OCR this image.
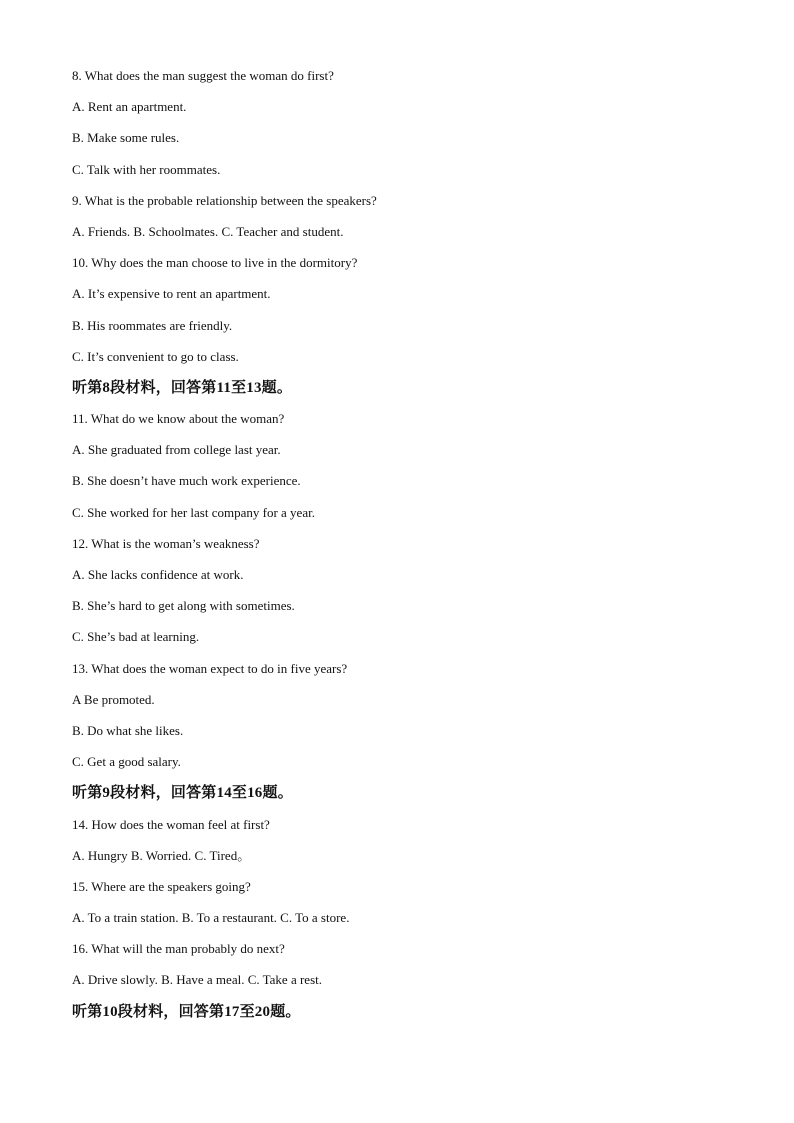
8. What does the man suggest the woman do first?
A. Rent an apartment.
B. Make some rules.
C. Talk with her roommates.
9. What is the probable relationship between the speakers?
A. Friends. B. Schoolmates. C. Teacher and student.
10. Why does the man choose to live in the dormitory?
A. It’s expensive to rent an apartment.
B. His roommates are friendly.
C. It’s convenient to go to class.
听第8段材料，回答第11至13题。
11. What do we know about the woman?
A. She graduated from college last year.
B. She doesn’t have much work experience.
C. She worked for her last company for a year.
12. What is the woman’s weakness?
A. She lacks confidence at work.
B. She’s hard to get along with sometimes.
C. She’s bad at learning.
13. What does the woman expect to do in five years?
A Be promoted.
B. Do what she likes.
C. Get a good salary.
听第9段材料，回答第14至16题。
14. How does the woman feel at first?
A. Hungry B. Worried. C. Tired。
15. Where are the speakers going?
A. To a train station. B. To a restaurant. C. To a store.
16. What will the man probably do next?
A. Drive slowly. B. Have a meal. C. Take a rest.
听第10段材料，回答第17至20题。
